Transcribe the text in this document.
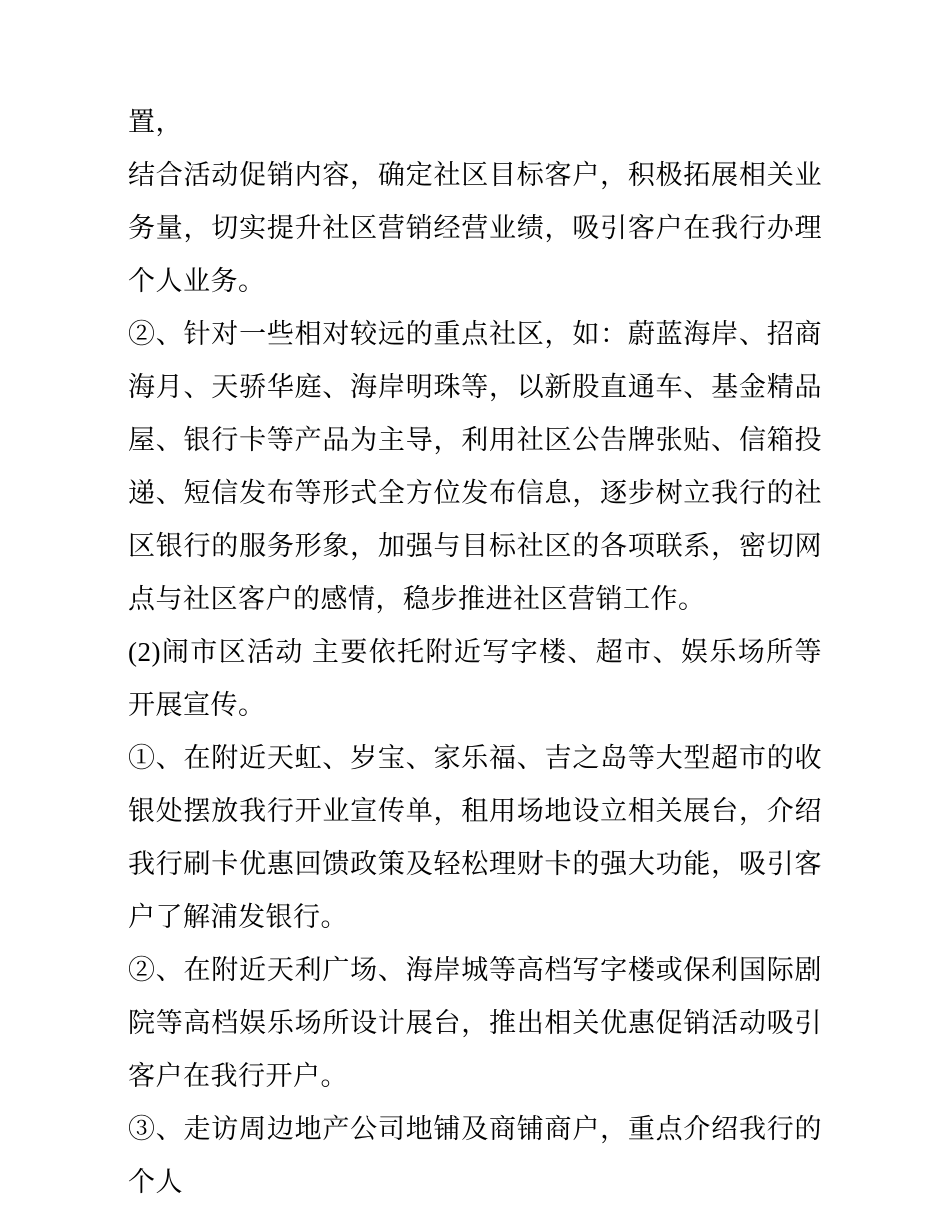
置，

结合活动促销内容，确定社区目标客户，积极拓展相关业务量，切实提升社区营销经营业绩，吸引客户在我行办理个人业务。

②、针对一些相对较远的重点社区，如：蔚蓝海岸、招商海月、天骄华庭、海岸明珠等，以新股直通车、基金精品屋、银行卡等产品为主导，利用社区公告牌张贴、信箱投递、短信发布等形式全方位发布信息，逐步树立我行的社区银行的服务形象，加强与目标社区的各项联系，密切网点与社区客户的感情，稳步推进社区营销工作。

(2)闹市区活动 主要依托附近写字楼、超市、娱乐场所等开展宣传。

①、在附近天虹、岁宝、家乐福、吉之岛等大型超市的收银处摆放我行开业宣传单，租用场地设立相关展台，介绍我行刷卡优惠回馈政策及轻松理财卡的强大功能，吸引客户了解浦发银行。

②、在附近天利广场、海岸城等高档写字楼或保利国际剧院等高档娱乐场所设计展台，推出相关优惠促销活动吸引客户在我行开户。

③、走访周边地产公司地铺及商铺商户，重点介绍我行的个人
